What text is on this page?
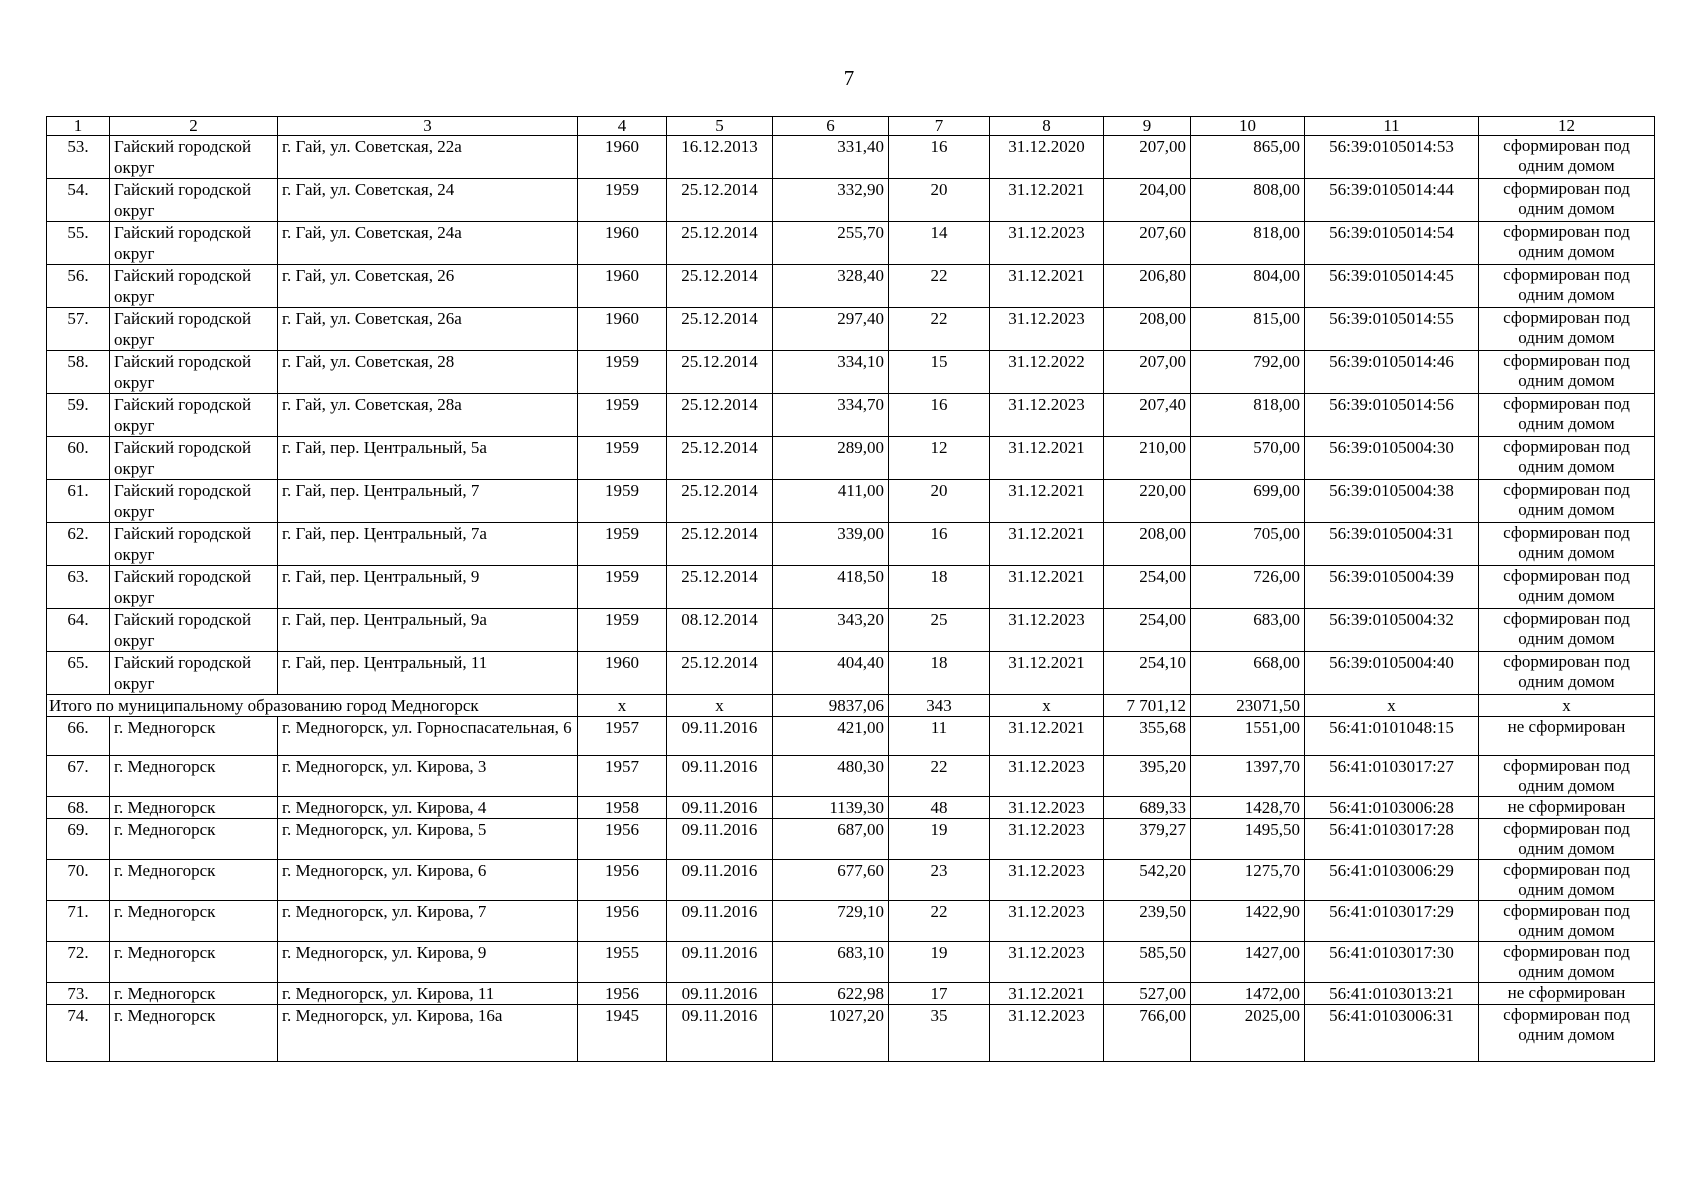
7
1	2	3	4	5	6	7	8	9	10	11	12
53.	Гайский городской округ	г. Гай, ул. Советская, 22а	1960	16.12.2013	331,40	16	31.12.2020	207,00	865,00	56:39:0105014:53	сформирован под одним домом
54.	Гайский городской округ	г. Гай, ул. Советская, 24	1959	25.12.2014	332,90	20	31.12.2021	204,00	808,00	56:39:0105014:44	сформирован под одним домом
55.	Гайский городской округ	г. Гай, ул. Советская, 24а	1960	25.12.2014	255,70	14	31.12.2023	207,60	818,00	56:39:0105014:54	сформирован под одним домом
56.	Гайский городской округ	г. Гай, ул. Советская, 26	1960	25.12.2014	328,40	22	31.12.2021	206,80	804,00	56:39:0105014:45	сформирован под одним домом
57.	Гайский городской округ	г. Гай, ул. Советская, 26а	1960	25.12.2014	297,40	22	31.12.2023	208,00	815,00	56:39:0105014:55	сформирован под одним домом
58.	Гайский городской округ	г. Гай, ул. Советская, 28	1959	25.12.2014	334,10	15	31.12.2022	207,00	792,00	56:39:0105014:46	сформирован под одним домом
59.	Гайский городской округ	г. Гай, ул. Советская, 28а	1959	25.12.2014	334,70	16	31.12.2023	207,40	818,00	56:39:0105014:56	сформирован под одним домом
60.	Гайский городской округ	г. Гай, пер. Центральный, 5а	1959	25.12.2014	289,00	12	31.12.2021	210,00	570,00	56:39:0105004:30	сформирован под одним домом
61.	Гайский городской округ	г. Гай, пер. Центральный, 7	1959	25.12.2014	411,00	20	31.12.2021	220,00	699,00	56:39:0105004:38	сформирован под одним домом
62.	Гайский городской округ	г. Гай, пер. Центральный, 7а	1959	25.12.2014	339,00	16	31.12.2021	208,00	705,00	56:39:0105004:31	сформирован под одним домом
63.	Гайский городской округ	г. Гай, пер. Центральный, 9	1959	25.12.2014	418,50	18	31.12.2021	254,00	726,00	56:39:0105004:39	сформирован под одним домом
64.	Гайский городской округ	г. Гай, пер. Центральный, 9а	1959	08.12.2014	343,20	25	31.12.2023	254,00	683,00	56:39:0105004:32	сформирован под одним домом
65.	Гайский городской округ	г. Гай, пер. Центральный, 11	1960	25.12.2014	404,40	18	31.12.2021	254,10	668,00	56:39:0105004:40	сформирован под одним домом
Итого по муниципальному образованию город Медногорск			x	x	9837,06	343	x	7 701,12	23071,50	x	x
66.	г. Медногорск	г. Медногорск, ул. Горноспасательная, 6	1957	09.11.2016	421,00	11	31.12.2021	355,68	1551,00	56:41:0101048:15	не сформирован
67.	г. Медногорск	г. Медногорск, ул. Кирова, 3	1957	09.11.2016	480,30	22	31.12.2023	395,20	1397,70	56:41:0103017:27	сформирован под одним домом
68.	г. Медногорск	г. Медногорск, ул. Кирова, 4	1958	09.11.2016	1139,30	48	31.12.2023	689,33	1428,70	56:41:0103006:28	не сформирован
69.	г. Медногорск	г. Медногорск, ул. Кирова, 5	1956	09.11.2016	687,00	19	31.12.2023	379,27	1495,50	56:41:0103017:28	сформирован под одним домом
70.	г. Медногорск	г. Медногорск, ул. Кирова, 6	1956	09.11.2016	677,60	23	31.12.2023	542,20	1275,70	56:41:0103006:29	сформирован под одним домом
71.	г. Медногорск	г. Медногорск, ул. Кирова, 7	1956	09.11.2016	729,10	22	31.12.2023	239,50	1422,90	56:41:0103017:29	сформирован под одним домом
72.	г. Медногорск	г. Медногорск, ул. Кирова, 9	1955	09.11.2016	683,10	19	31.12.2023	585,50	1427,00	56:41:0103017:30	сформирован под одним домом
73.	г. Медногорск	г. Медногорск, ул. Кирова, 11	1956	09.11.2016	622,98	17	31.12.2021	527,00	1472,00	56:41:0103013:21	не сформирован
74.	г. Медногорск	г. Медногорск, ул. Кирова, 16а	1945	09.11.2016	1027,20	35	31.12.2023	766,00	2025,00	56:41:0103006:31	сформирован под одним домом
